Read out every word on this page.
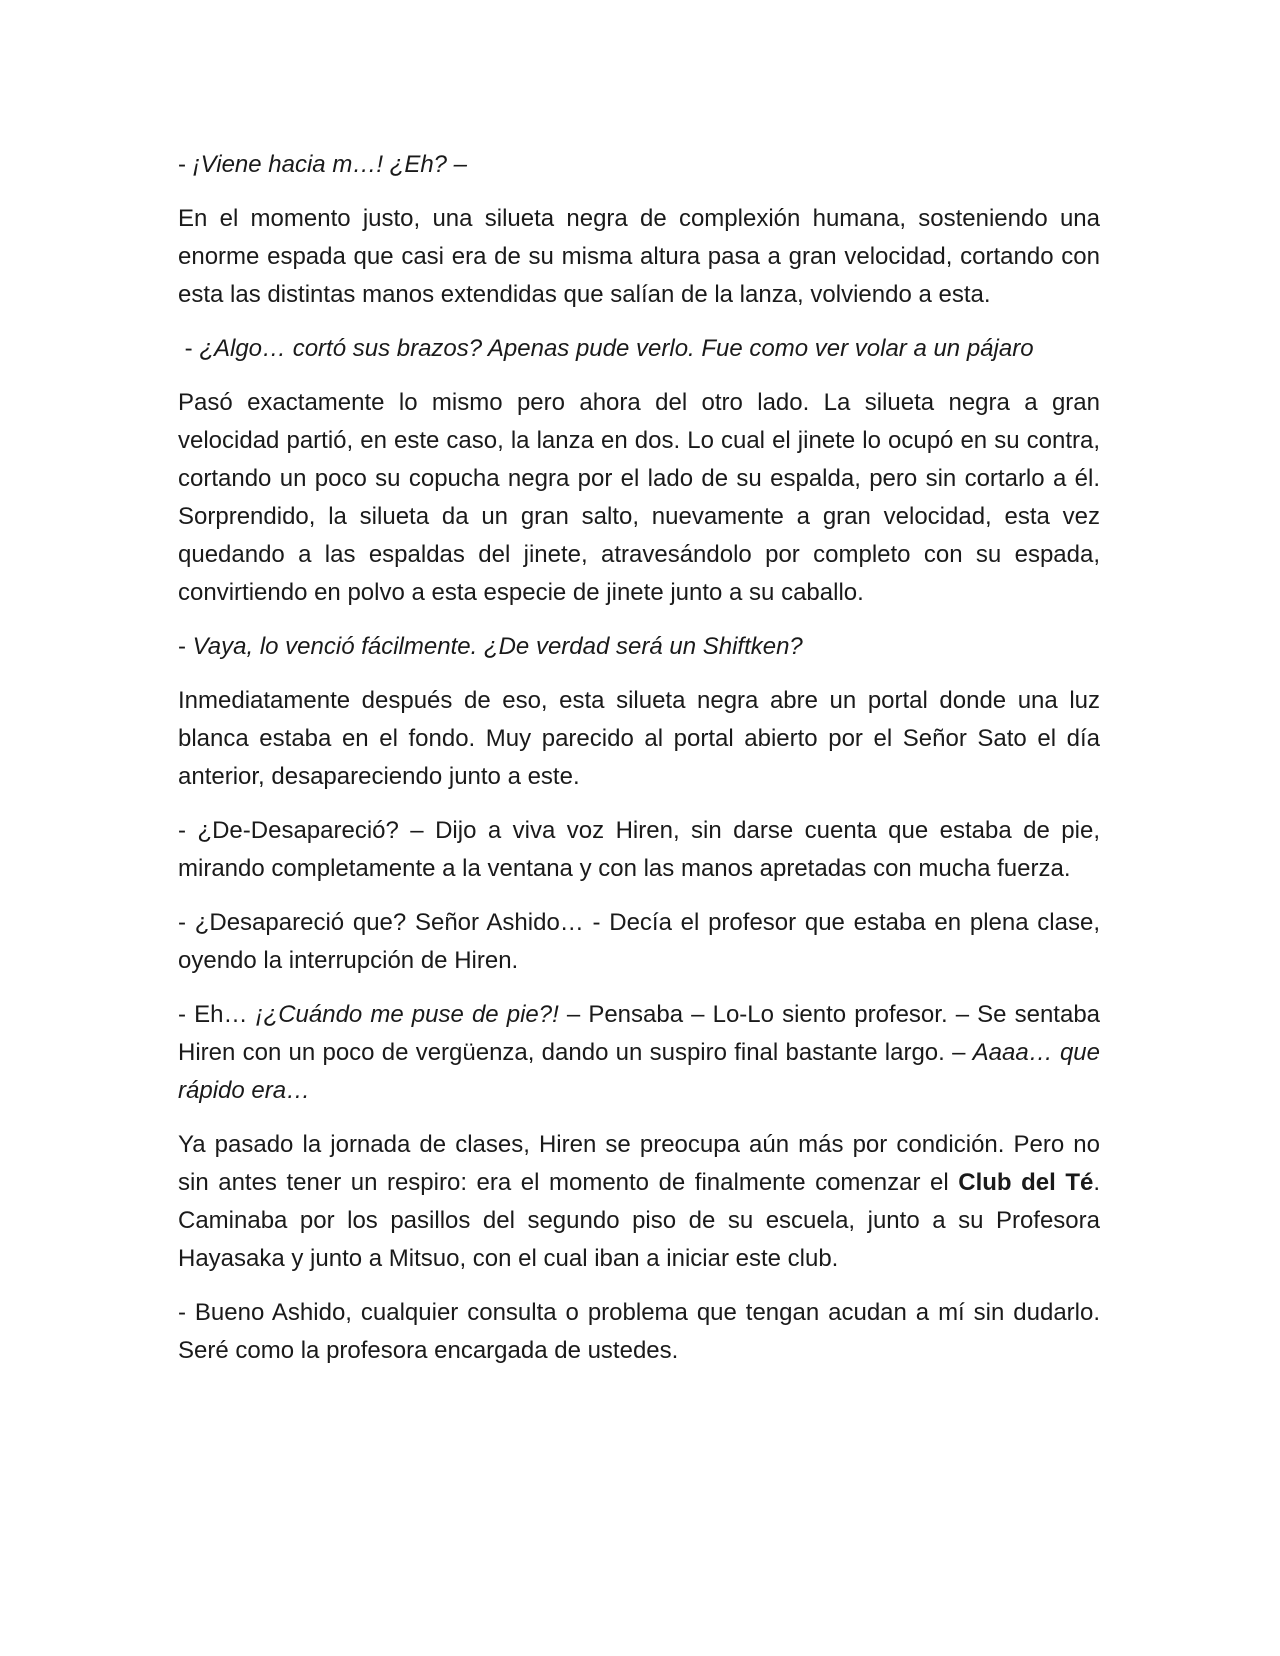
- ¡Viene hacia m…! ¿Eh? –

En el momento justo, una silueta negra de complexión humana, sosteniendo una enorme espada que casi era de su misma altura pasa a gran velocidad, cortando con esta las distintas manos extendidas que salían de la lanza, volviendo a esta.

- ¿Algo… cortó sus brazos? Apenas pude verlo. Fue como ver volar a un pájaro

Pasó exactamente lo mismo pero ahora del otro lado. La silueta negra a gran velocidad partió, en este caso, la lanza en dos. Lo cual el jinete lo ocupó en su contra, cortando un poco su copucha negra por el lado de su espalda, pero sin cortarlo a él. Sorprendido, la silueta da un gran salto, nuevamente a gran velocidad, esta vez quedando a las espaldas del jinete, atravesándolo por completo con su espada, convirtiendo en polvo a esta especie de jinete junto a su caballo.

- Vaya, lo venció fácilmente. ¿De verdad será un Shiftken?

Inmediatamente después de eso, esta silueta negra abre un portal donde una luz blanca estaba en el fondo. Muy parecido al portal abierto por el Señor Sato el día anterior, desapareciendo junto a este.

- ¿De-Desapareció? – Dijo a viva voz Hiren, sin darse cuenta que estaba de pie, mirando completamente a la ventana y con las manos apretadas con mucha fuerza.

- ¿Desapareció que? Señor Ashido… - Decía el profesor que estaba en plena clase, oyendo la interrupción de Hiren.

- Eh… ¡¿Cuándo me puse de pie?! – Pensaba – Lo-Lo siento profesor. – Se sentaba Hiren con un poco de vergüenza, dando un suspiro final bastante largo. – Aaaa… que rápido era…

Ya pasado la jornada de clases, Hiren se preocupa aún más por condición. Pero no sin antes tener un respiro: era el momento de finalmente comenzar el Club del Té. Caminaba por los pasillos del segundo piso de su escuela, junto a su Profesora Hayasaka y junto a Mitsuo, con el cual iban a iniciar este club.

- Bueno Ashido, cualquier consulta o problema que tengan acudan a mí sin dudarlo. Seré como la profesora encargada de ustedes.
